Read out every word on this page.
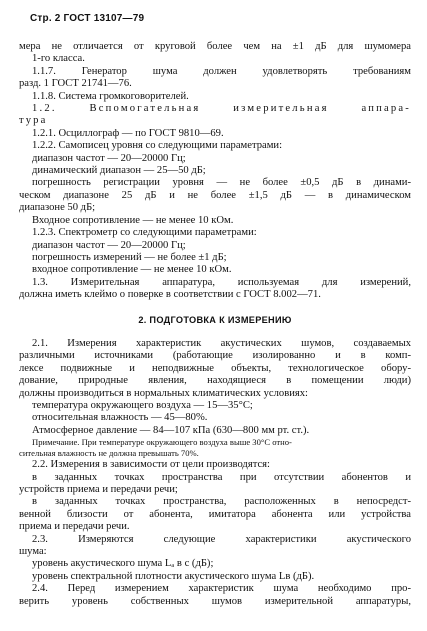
Стр. 2 ГОСТ 13107—79

мера не отличается от круговой более чем на ±1 дБ для шумомера

1-го класса.

1.1.7. Генератор шума должен удовлетворять требованиям

разд. 1 ГОСТ 21741—76.

1.1.8. Система громкоговорителей.

1.2. Вспомогательная измерительная аппара-

тура

1.2.1. Осциллограф — по ГОСТ 9810—69.

1.2.2. Самописец уровня со следующими параметрами:

диапазон частот — 20—20000 Гц;

динамический диапазон — 25—50 дБ;

погрешность регистрации уровня — не более ±0,5 дБ в динами-

ческом диапазоне 25 дБ и не более ±1,5 дБ — в динамическом

диапазоне 50 дБ;

Входное сопротивление — не менее 10 кОм.

1.2.3. Спектрометр со следующими параметрами:

диапазон частот — 20—20000 Гц;

погрешность измерений — не более ±1 дБ;

входное сопротивление — не менее 10 кОм.

1.3. Измерительная аппаратура, используемая для измерений,

должна иметь клеймо о поверке в соответствии с ГОСТ 8.002—71.

2. ПОДГОТОВКА К ИЗМЕРЕНИЮ

2.1. Измерения характеристик акустических шумов, создаваемых

различными источниками (работающие изолированно и в комп-

лексе подвижные и неподвижные объекты, технологическое обору-

дование, природные явления, находящиеся в помещении люди)

должны производиться в нормальных климатических условиях:

температура окружающего воздуха — 15—35°С;

относительная влажность — 45—80%.

Атмосферное давление — 84—107 кПа (630—800 мм рт. ст.).

Примечание. При температуре окружающего воздуха выше 30°С отно-

сительная влажность не должна превышать 70%.

2.2. Измерения в зависимости от цели производятся:

в заданных точках пространства при отсутствии абонентов и

устройств приема и передачи речи;

в заданных точках пространства, расположенных в непосредст-

венной близости от абонента, имитатора абонента или устройства

приема и передачи речи.

2.3. Измеряются следующие характеристики акустического

шума:

уровень акустического шума Lₐ в с (дБ);

уровень спектральной плотности акустического шума Lв (дБ).

2.4. Перед измерением характеристик шума необходимо про-

верить уровень собственных шумов измерительной аппаратуры,
